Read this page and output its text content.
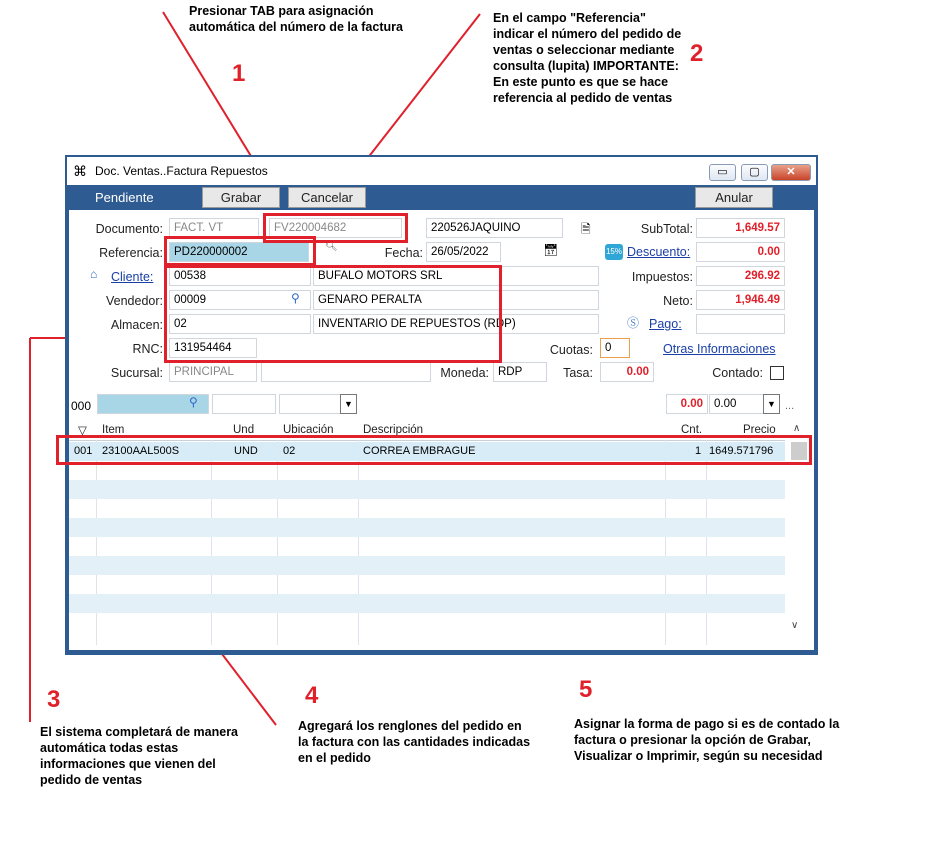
Presionar TAB para asignación automática del número de la factura
1
En el campo "Referencia" indicar el número del pedido de ventas o seleccionar mediante consulta (lupita) IMPORTANTE: En este punto es que se hace referencia al pedido de ventas
2
⌘ Doc. Ventas..Factura Repuestos	▭	▢	✕
Pendiente	Grabar	Cancelar	Anular
Documento: FACT. VT	FV220004682	220526JAQUINO	🗎	SubTotal:	1,649.57
Referencia: PD220000002	🔍︎	Fecha: 26/05/2022	📅︎	15% Descuento:	0.00
⌂ Cliente:	00538	BUFALO MOTORS SRL	Impuestos:	296.92
Vendedor: 00009	⚲	GENARO PERALTA	Neto:	1,946.49
Almacen: 02	INVENTARIO DE REPUESTOS (RDP)	Ⓢ Pago:
RNC: 131954464	Cuotas:	0	Otras Informaciones
Sucursal: PRINCIPAL	Moneda: RDP	Tasa:	0.00	Contado:
000	⚲	▼	0.00 0.00	▼ ...
▽ Item	Und	Ubicación	Descripción	Cnt.	Precio
001 23100AAL500S	UND 02	CORREA EMBRAGUE	1 1649.571796
∨
∧
3
El sistema completará de manera automática todas estas informaciones que vienen del pedido de ventas
4
Agregará los renglones del pedido en la factura con las cantidades indicadas en el pedido
5
Asignar la forma de pago si es de contado la factura o presionar la opción de Grabar, Visualizar o Imprimir, según su necesidad
